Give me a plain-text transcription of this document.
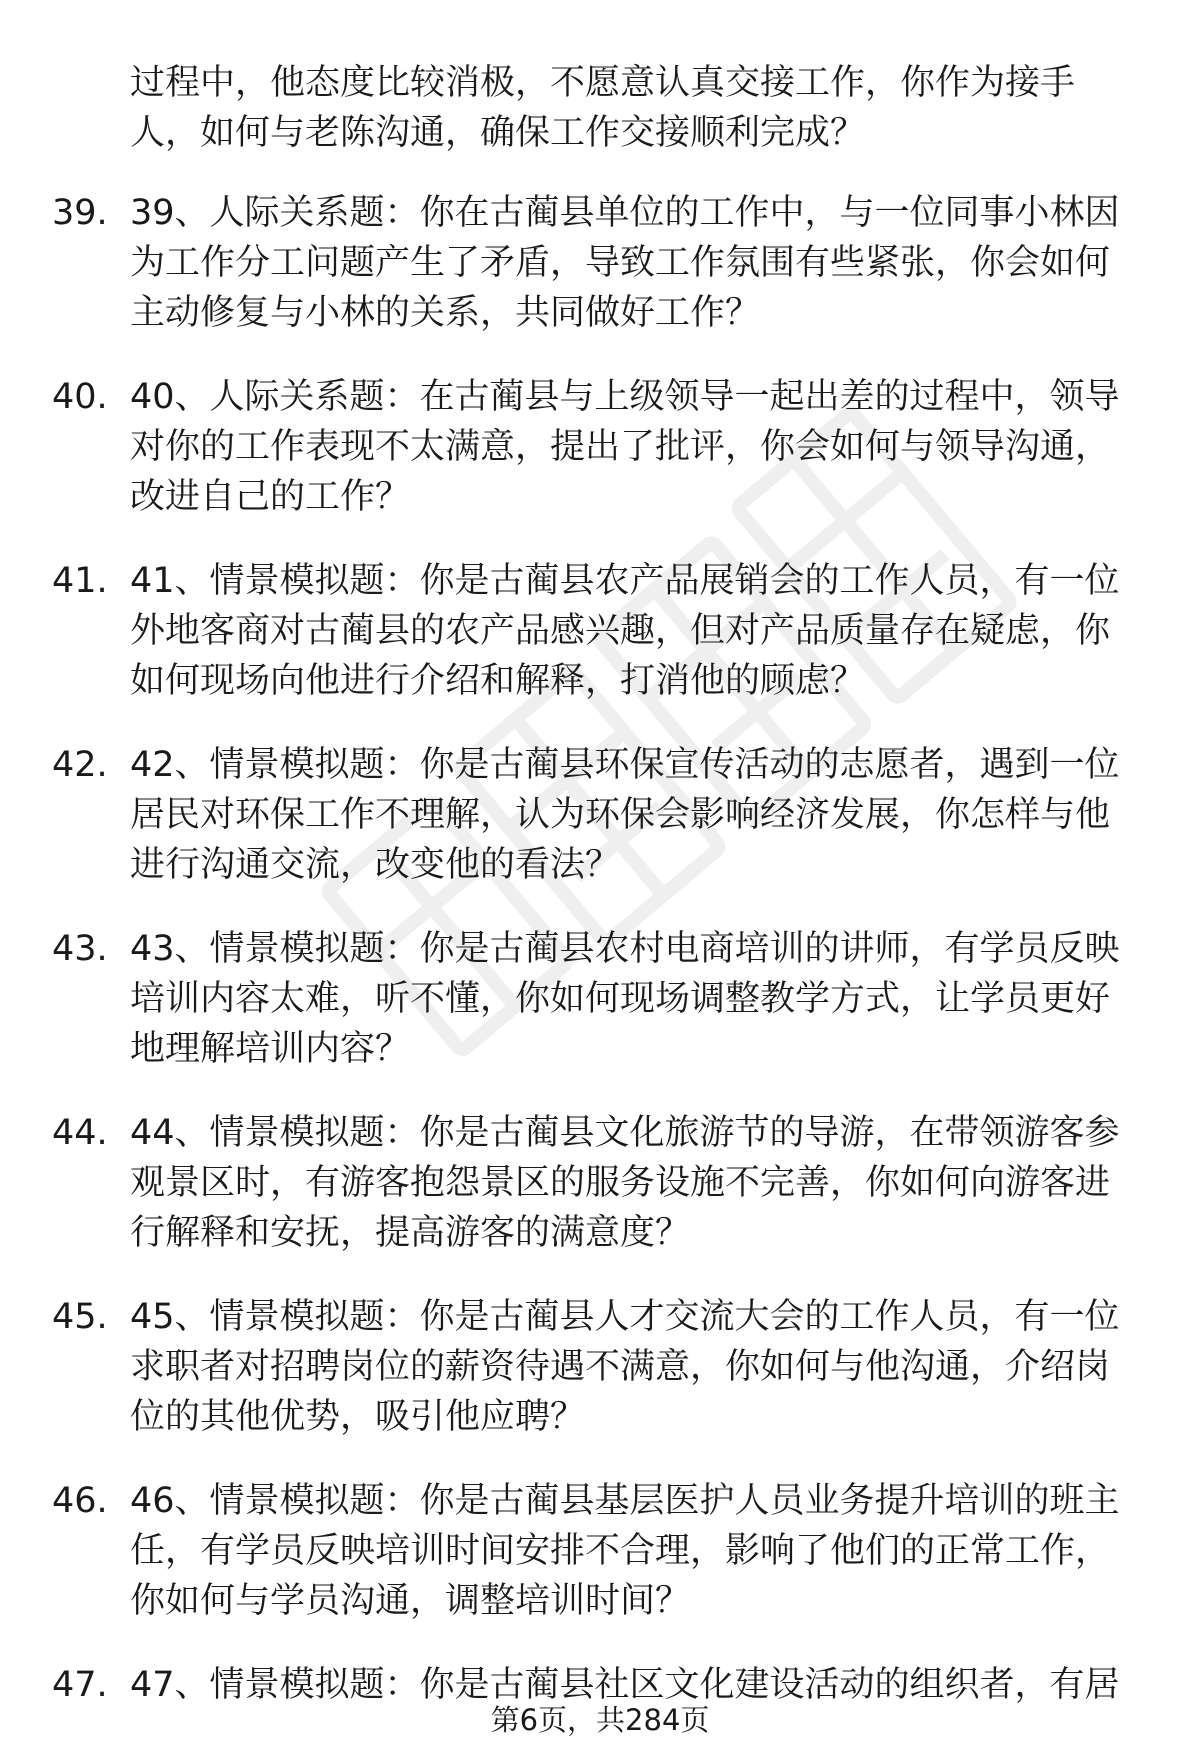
过程中，他态度比较消极，不愿意认真交接工作，你作为接手人，如何与老陈沟通，确保工作交接顺利完成？

39. 39、人际关系题：你在古蔺县单位的工作中，与一位同事小林因为工作分工问题产生了矛盾，导致工作氛围有些紧张，你会如何主动修复与小林的关系，共同做好工作？
40. 40、人际关系题：在古蔺县与上级领导一起出差的过程中，领导对你的工作表现不太满意，提出了批评，你会如何与领导沟通，改进自己的工作？
41. 41、情景模拟题：你是古蔺县农产品展销会的工作人员，有一位外地客商对古蔺县的农产品感兴趣，但对产品质量存在疑虑，你如何现场向他进行介绍和解释，打消他的顾虑？
42. 42、情景模拟题：你是古蔺县环保宣传活动的志愿者，遇到一位居民对环保工作不理解，认为环保会影响经济发展，你怎样与他进行沟通交流，改变他的看法？
43. 43、情景模拟题：你是古蔺县农村电商培训的讲师，有学员反映培训内容太难，听不懂，你如何现场调整教学方式，让学员更好地理解培训内容？
44. 44、情景模拟题：你是古蔺县文化旅游节的导游，在带领游客参观景区时，有游客抱怨景区的服务设施不完善，你如何向游客进行解释和安抚，提高游客的满意度？
45. 45、情景模拟题：你是古蔺县人才交流大会的工作人员，有一位求职者对招聘岗位的薪资待遇不满意，你如何与他沟通，介绍岗位的其他优势，吸引他应聘？
46. 46、情景模拟题：你是古蔺县基层医护人员业务提升培训的班主任，有学员反映培训时间安排不合理，影响了他们的正常工作，你如何与学员沟通，调整培训时间？
47. 47、情景模拟题：你是古蔺县社区文化建设活动的组织者，有居
第6页，共284页
